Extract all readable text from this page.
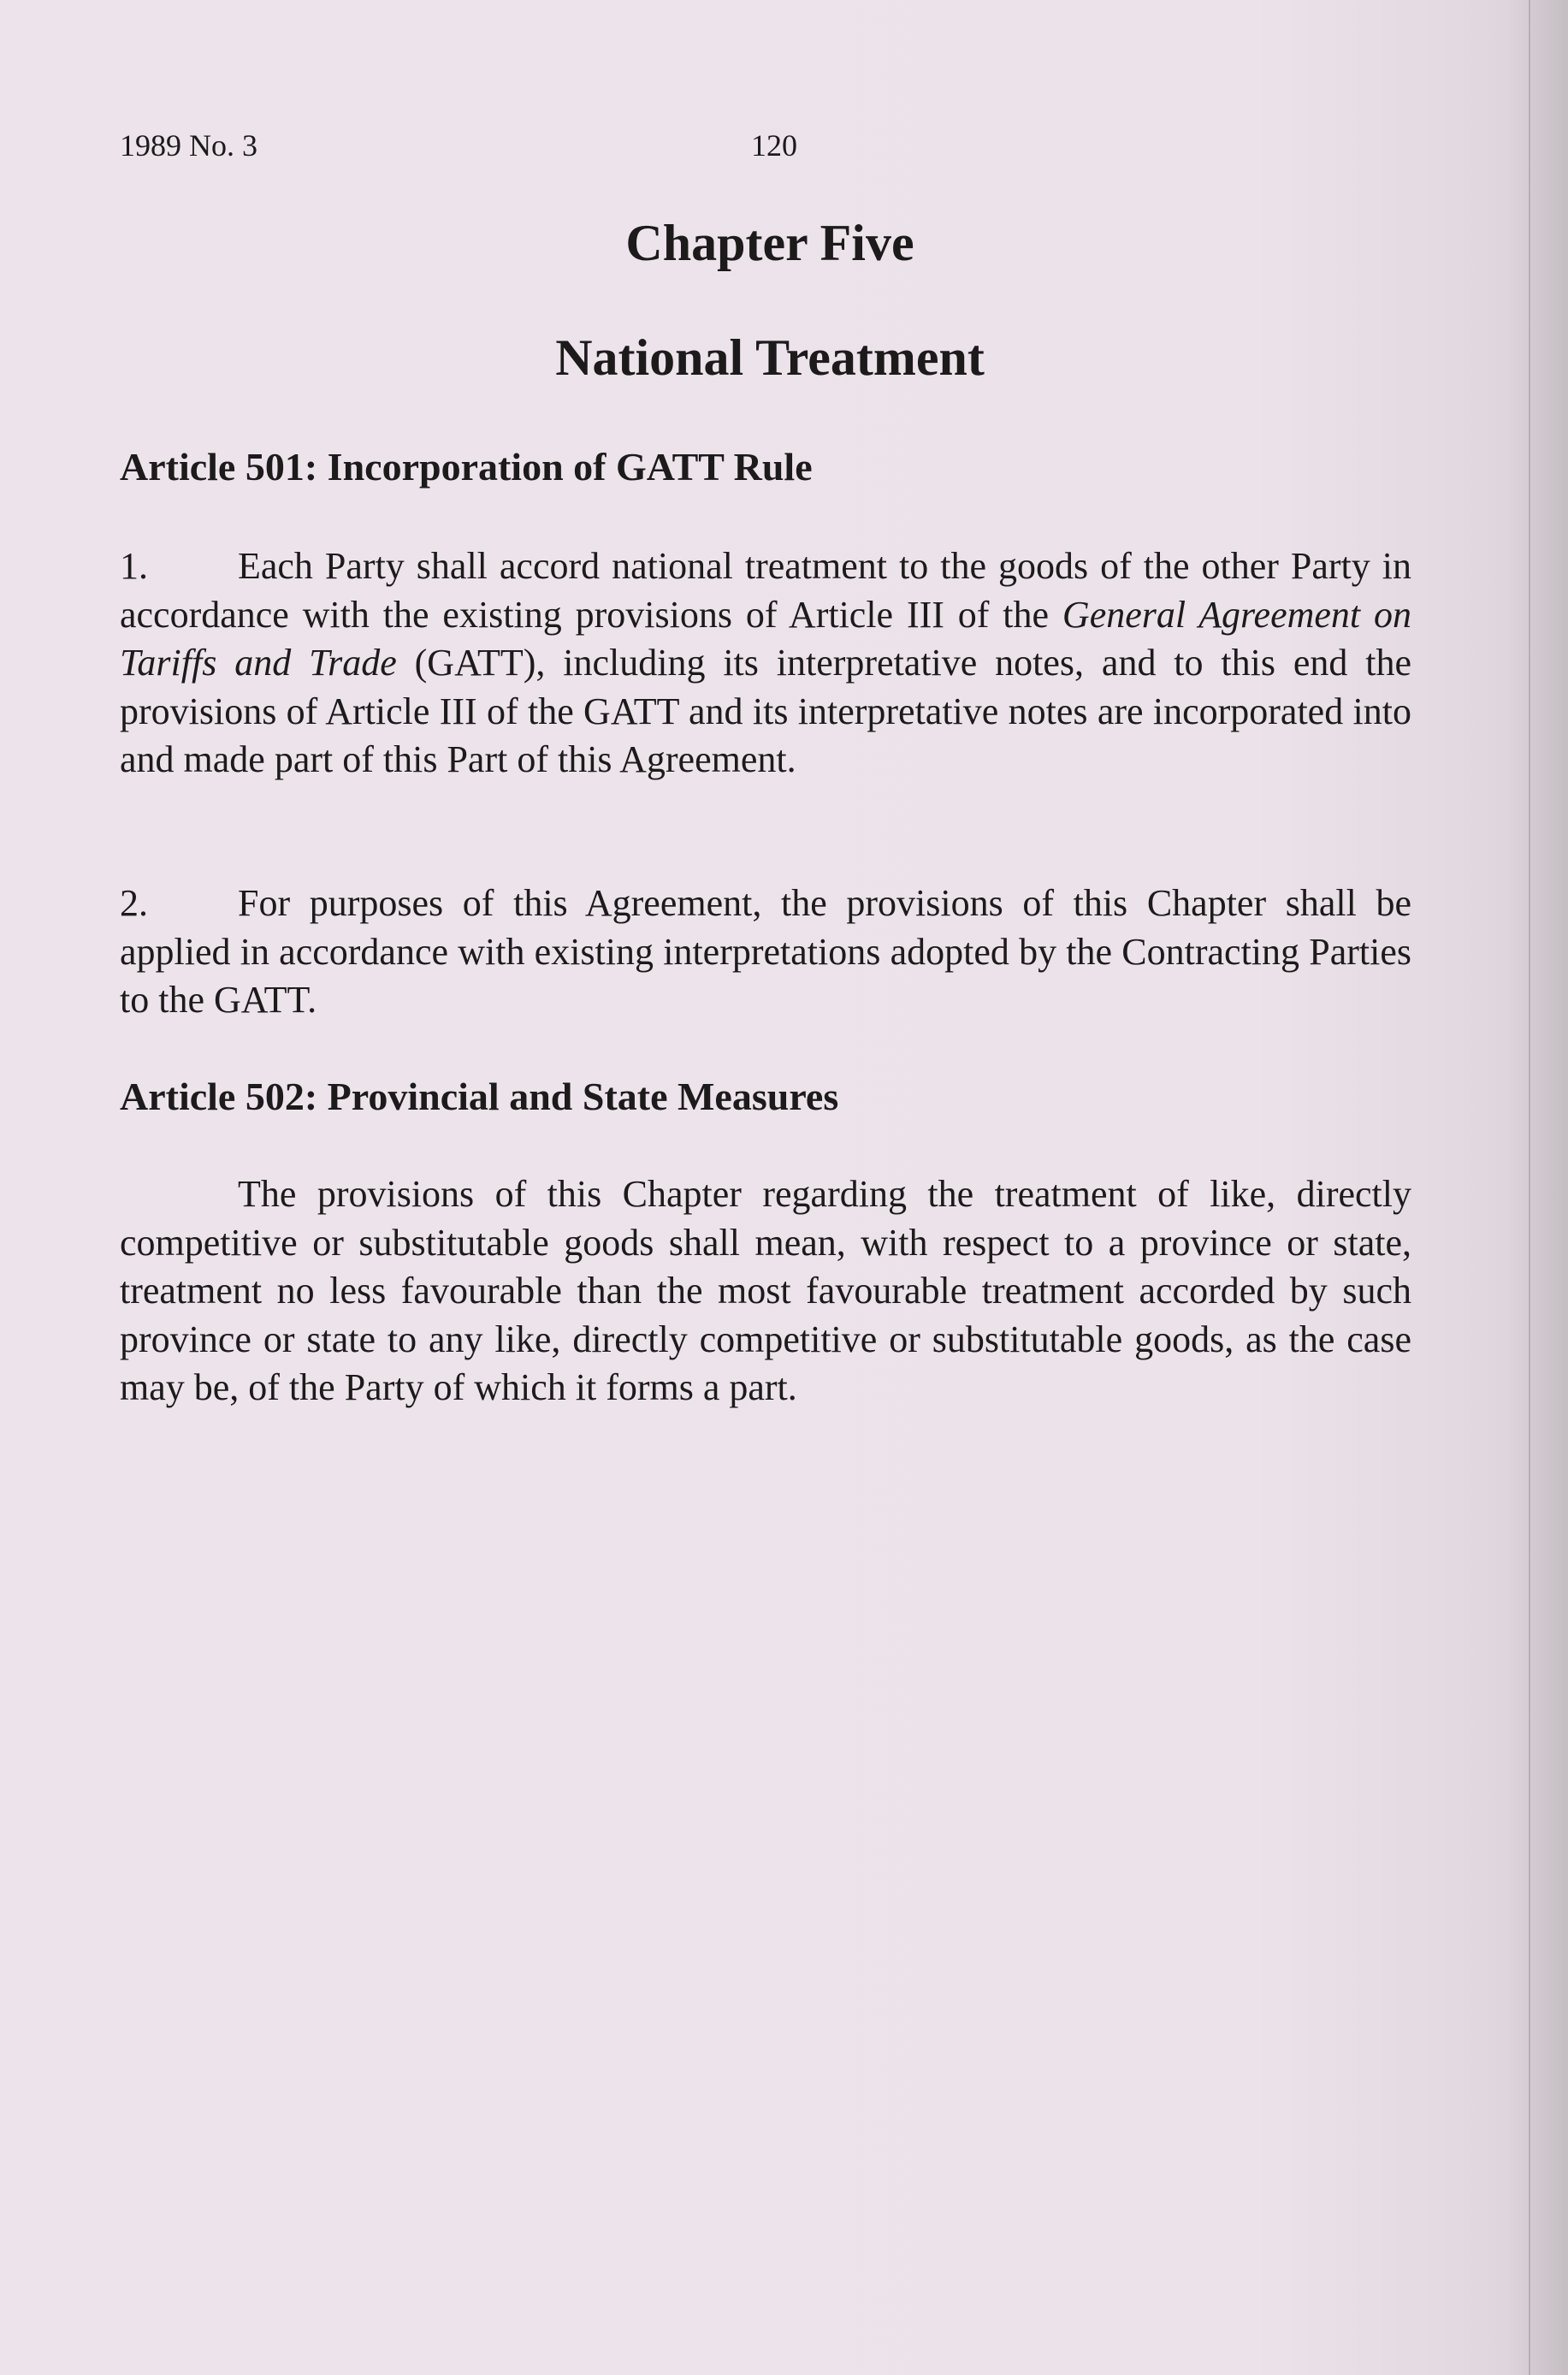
1989 No. 3	120
Chapter Five
National Treatment
Article 501: Incorporation of GATT Rule

1. Each Party shall accord national treatment to the goods of the other Party in accordance with the existing provisions of Article III of the General Agreement on Tariffs and Trade (GATT), including its interpretative notes, and to this end the provisions of Article III of the GATT and its interpretative notes are incorporated into and made part of this Part of this Agreement.

2. For purposes of this Agreement, the provisions of this Chapter shall be applied in accordance with existing interpretations adopted by the Contracting Parties to the GATT.

Article 502: Provincial and State Measures

The provisions of this Chapter regarding the treatment of like, directly competitive or substitutable goods shall mean, with respect to a province or state, treatment no less favourable than the most favourable treatment accorded by such province or state to any like, directly competitive or substitutable goods, as the case may be, of the Party of which it forms a part.
